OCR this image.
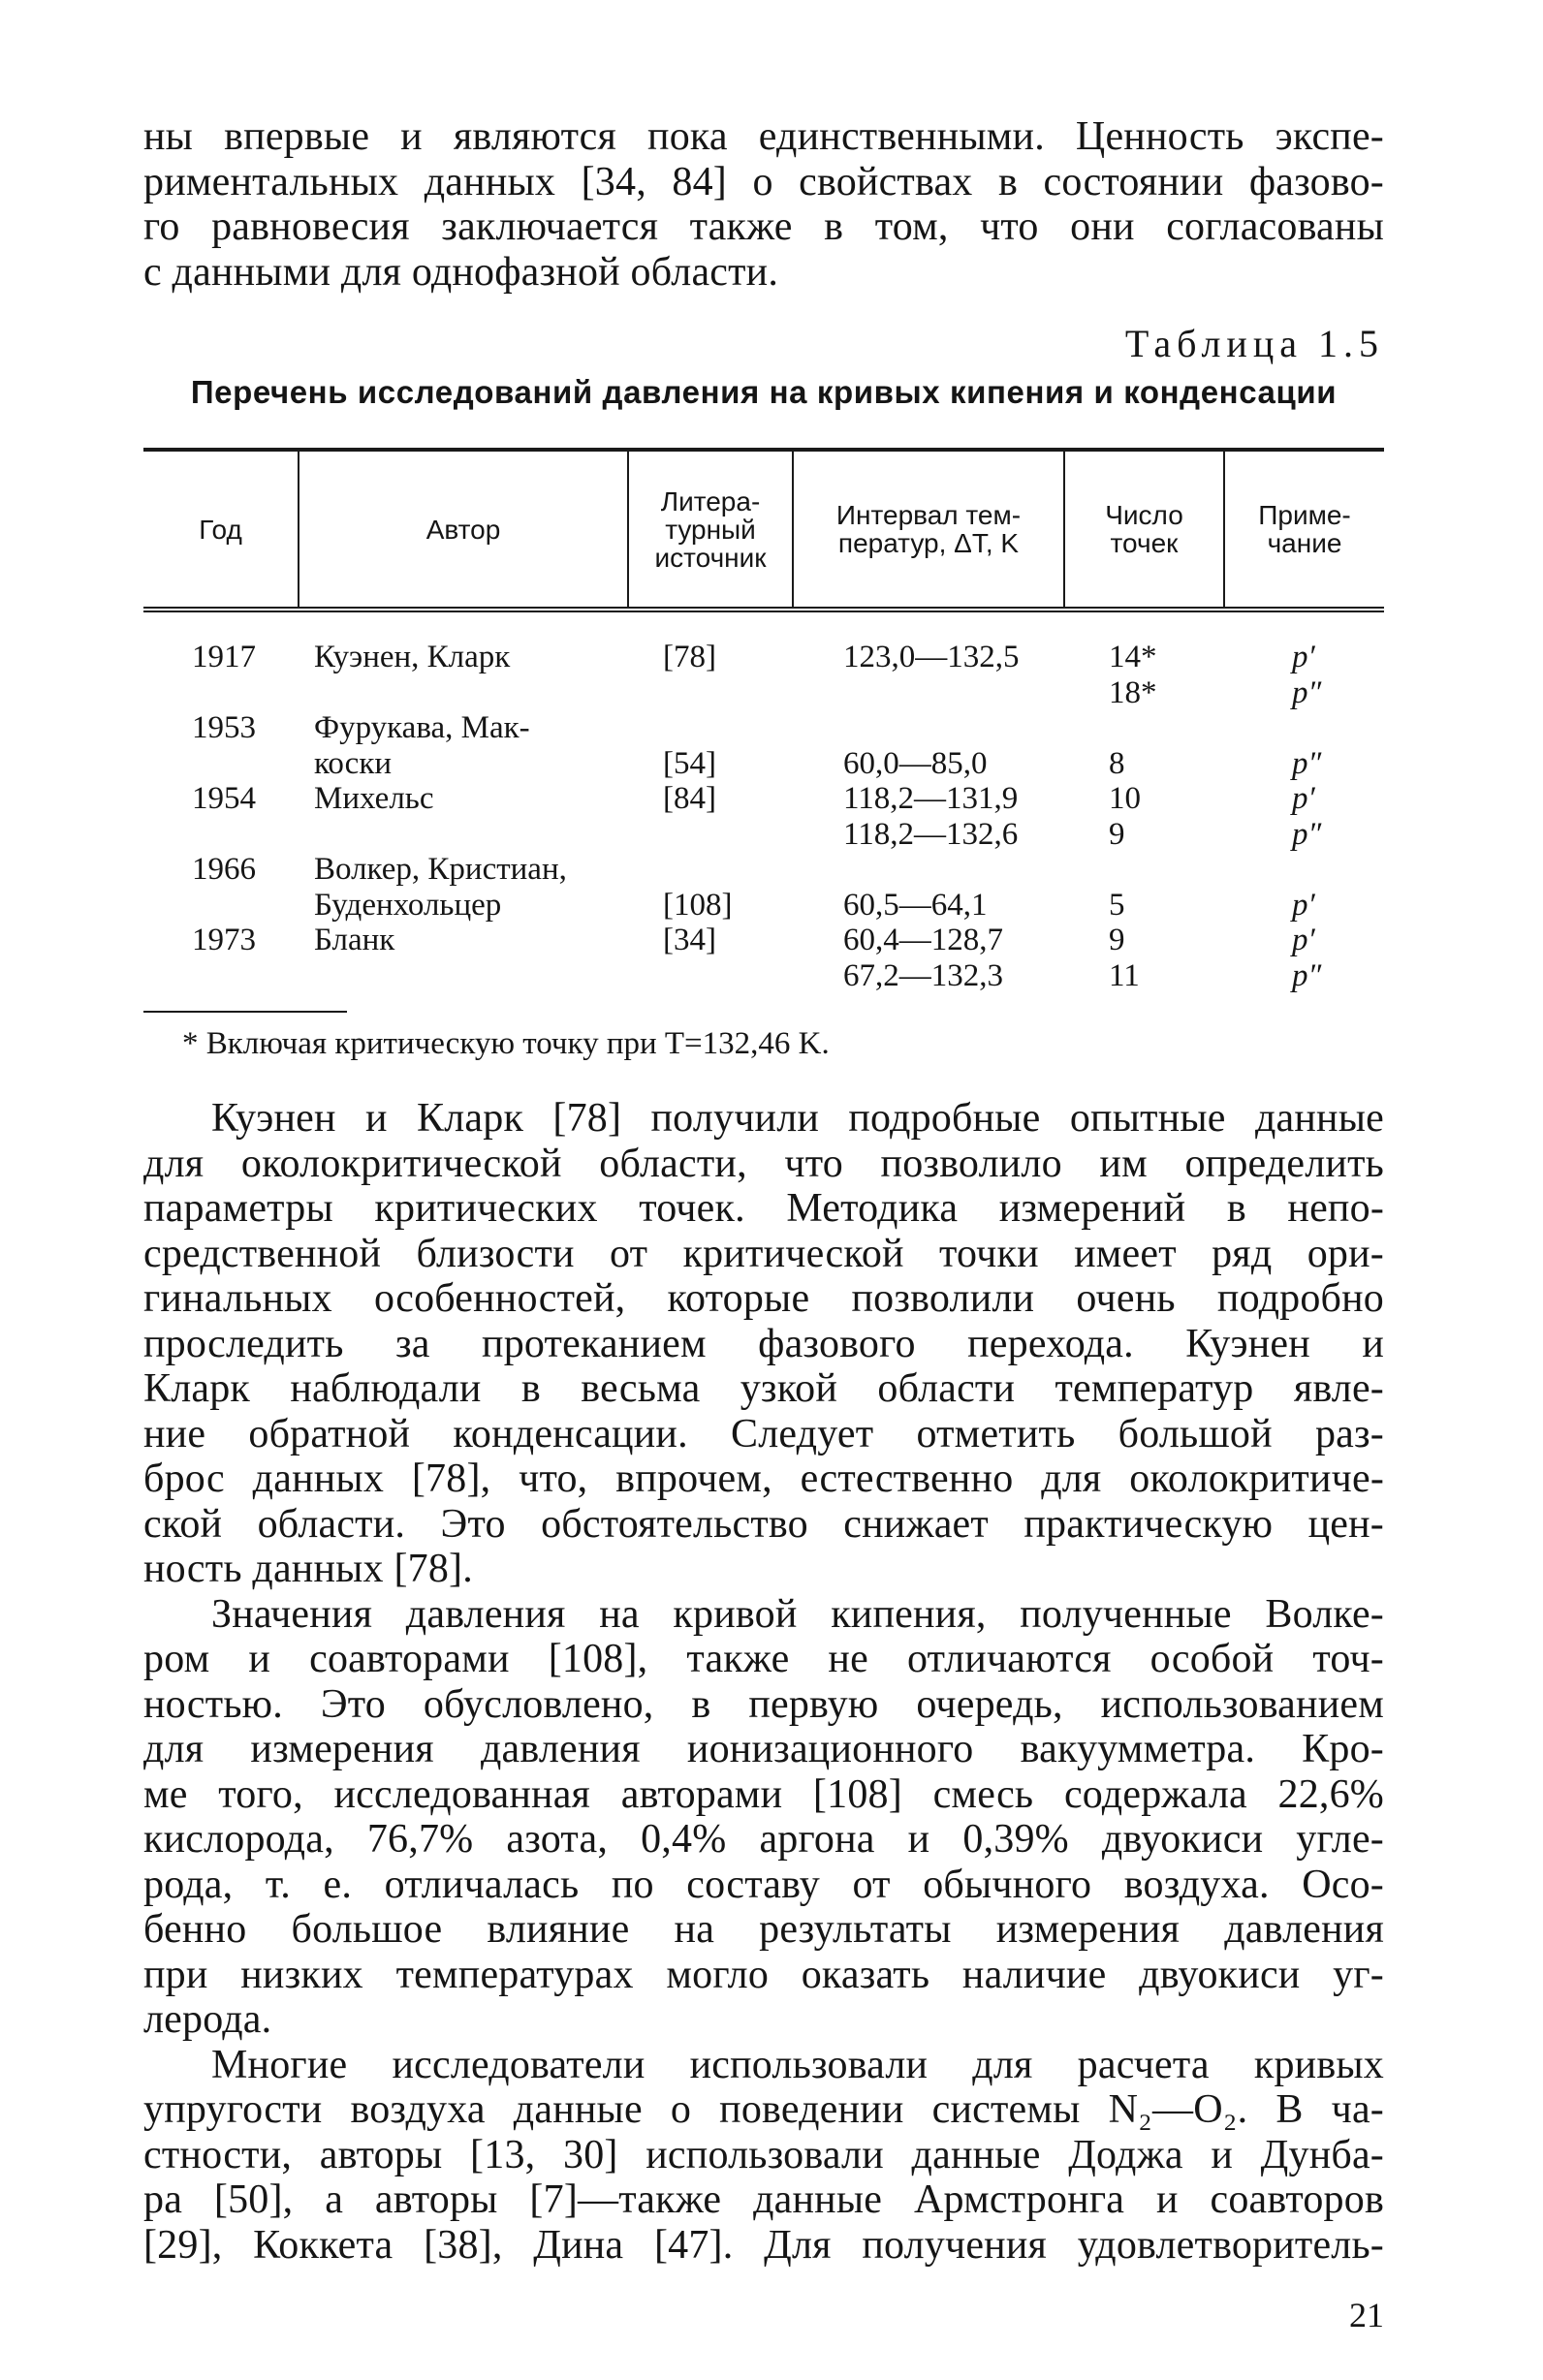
ны впервые и являются пока единственными. Ценность экспе-

риментальных данных [34, 84] о свойствах в состоянии фазово-

го равновесия заключается также в том, что они согласованы

с данными для однофазной области.

Таблица 1.5

Перечень исследований давления на кривых кипения и конденсации

Год	Автор	Литера- турный источник	Интервал тем- ператур, ΔT, K	Число точек	Приме- чание
1917	Куэнен, Кларк	[78]	123,0—132,5	14*	p′
				18*	p″
1953	Фурукава, Мак-				
	коски	[54]	60,0—85,0	8	p″
1954	Михельс	[84]	118,2—131,9	10	p′
			118,2—132,6	9	p″
1966	Волкер, Кристиан,				
	Буденхольцер	[108]	60,5—64,1	5	p′
1973	Бланк	[34]	60,4—128,7	9	p′
			67,2—132,3	11	p″

* Включая критическую точку при T=132,46 K.

Куэнен и Кларк [78] получили подробные опытные данные

для околокритической области, что позволило им определить

параметры критических точек. Методика измерений в непо-

средственной близости от критической точки имеет ряд ори-

гинальных особенностей, которые позволили очень подробно

проследить за протеканием фазового перехода. Куэнен и

Кларк наблюдали в весьма узкой области температур явле-

ние обратной конденсации. Следует отметить большой раз-

брос данных [78], что, впрочем, естественно для околокритиче-

ской области. Это обстоятельство снижает практическую цен-

ность данных [78].

Значения давления на кривой кипения, полученные Волке-

ром и соавторами [108], также не отличаются особой точ-

ностью. Это обусловлено, в первую очередь, использованием

для измерения давления ионизационного вакуумметра. Кро-

ме того, исследованная авторами [108] смесь содержала 22,6%

кислорода, 76,7% азота, 0,4% аргона и 0,39% двуокиси угле-

рода, т. е. отличалась по составу от обычного воздуха. Осо-

бенно большое влияние на результаты измерения давления

при низких температурах могло оказать наличие двуокиси уг-

лерода.

Многие исследователи использовали для расчета кривых

упругости воздуха данные о поведении системы N₂—O₂. В ча-

стности, авторы [13, 30] использовали данные Доджа и Дунба-

ра [50], а авторы [7]—также данные Армстронга и соавторов

[29], Коккета [38], Дина [47]. Для получения удовлетворитель-

21
